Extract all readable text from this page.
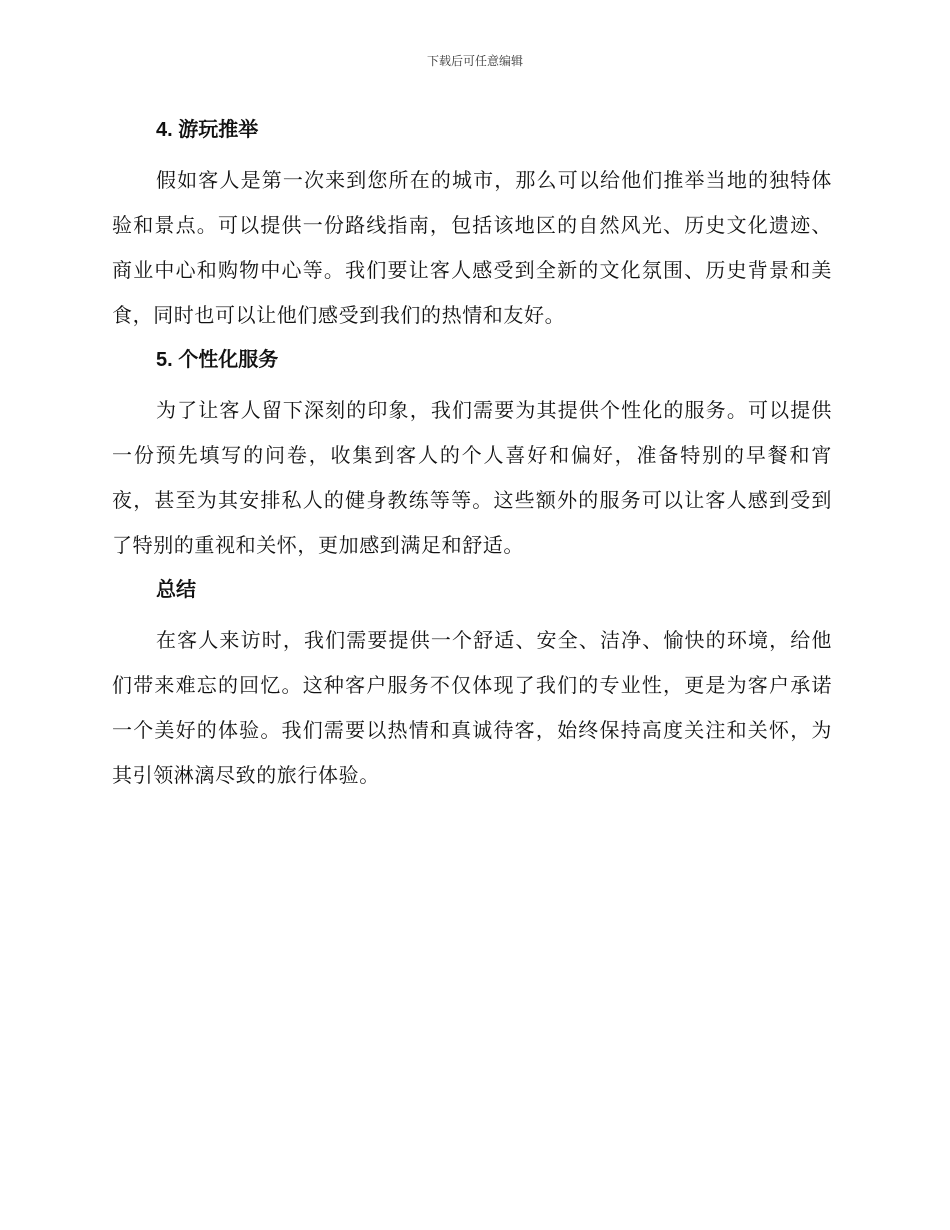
下载后可任意编辑
4. 游玩推举

假如客人是第一次来到您所在的城市，那么可以给他们推举当地的独特体验和景点。可以提供一份路线指南，包括该地区的自然风光、历史文化遗迹、商业中心和购物中心等。我们要让客人感受到全新的文化氛围、历史背景和美食，同时也可以让他们感受到我们的热情和友好。

5. 个性化服务

为了让客人留下深刻的印象，我们需要为其提供个性化的服务。可以提供一份预先填写的问卷，收集到客人的个人喜好和偏好，准备特别的早餐和宵夜，甚至为其安排私人的健身教练等等。这些额外的服务可以让客人感到受到了特别的重视和关怀，更加感到满足和舒适。

总结

在客人来访时，我们需要提供一个舒适、安全、洁净、愉快的环境，给他们带来难忘的回忆。这种客户服务不仅体现了我们的专业性，更是为客户承诺一个美好的体验。我们需要以热情和真诚待客，始终保持高度关注和关怀，为其引领淋漓尽致的旅行体验。
